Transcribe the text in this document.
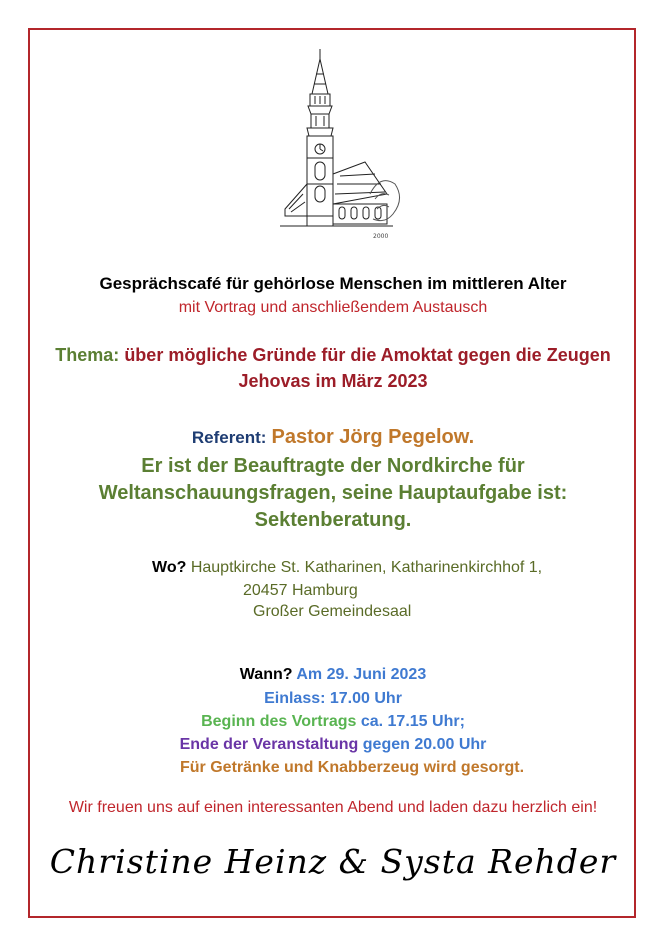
2000
Gesprächscafé für gehörlose Menschen im mittleren Alter
mit Vortrag und anschließendem Austausch
Thema: über mögliche Gründe für die Amoktat gegen die Zeugen
Jehovas im März 2023
Referent: Pastor Jörg Pegelow.
Er ist der Beauftragte der Nordkirche für
Weltanschauungsfragen, seine Hauptaufgabe ist:
Sektenberatung.
Wo? Hauptkirche St. Katharinen, Katharinenkirchhof 1,
20457 Hamburg
Großer Gemeindesaal
Wann? Am 29. Juni 2023
Einlass: 17.00 Uhr
Beginn des Vortrags ca. 17.15 Uhr;
Ende der Veranstaltung gegen 20.00 Uhr
Für Getränke und Knabberzeug wird gesorgt.
Wir freuen uns auf einen interessanten Abend und laden dazu herzlich ein!
Christine Heinz & Systa Rehder
